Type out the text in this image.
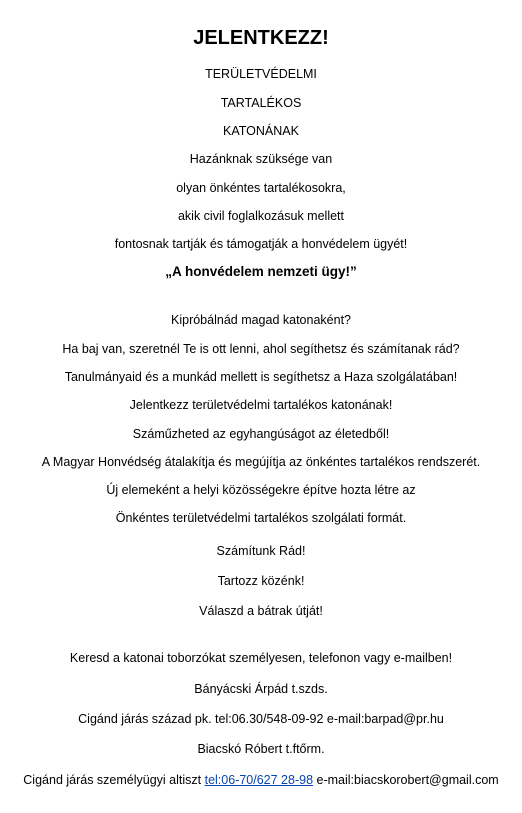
JELENTKEZZ!
TERÜLETVÉDELMI
TARTALÉKOS
KATONÁNAK
Hazánknak szüksége van
olyan önkéntes tartalékosokra,
akik civil foglalkozásuk mellett
fontosnak tartják és támogatják a honvédelem ügyét!
„A honvédelem nemzeti ügy!”
Kipróbálnád magad katonaként?
Ha baj van, szeretnél Te is ott lenni, ahol segíthetsz és számítanak rád?
Tanulmányaid és a munkád mellett is segíthetsz a Haza szolgálatában!
Jelentkezz területvédelmi tartalékos katonának!
Száműzheted az egyhangúságot az életedből!
A Magyar Honvédség átalakítja és megújítja az önkéntes tartalékos rendszerét.
Új elemeként a helyi közösségekre építve hozta létre az
Önkéntes területvédelmi tartalékos szolgálati formát.
Számítunk Rád!
Tartozz közénk!
Válaszd a bátrak útját!
Keresd a katonai toborzókat személyesen, telefonon vagy e-mailben!
Bányácski Árpád t.szds.
Cigánd járás század pk. tel:06.30/548-09-92 e-mail:barpad@pr.hu
Biacskó Róbert t.ftőrm.
Cigánd járás személyügyi altiszt tel:06-70/627 28-98 e-mail:biacskorobert@gmail.com
